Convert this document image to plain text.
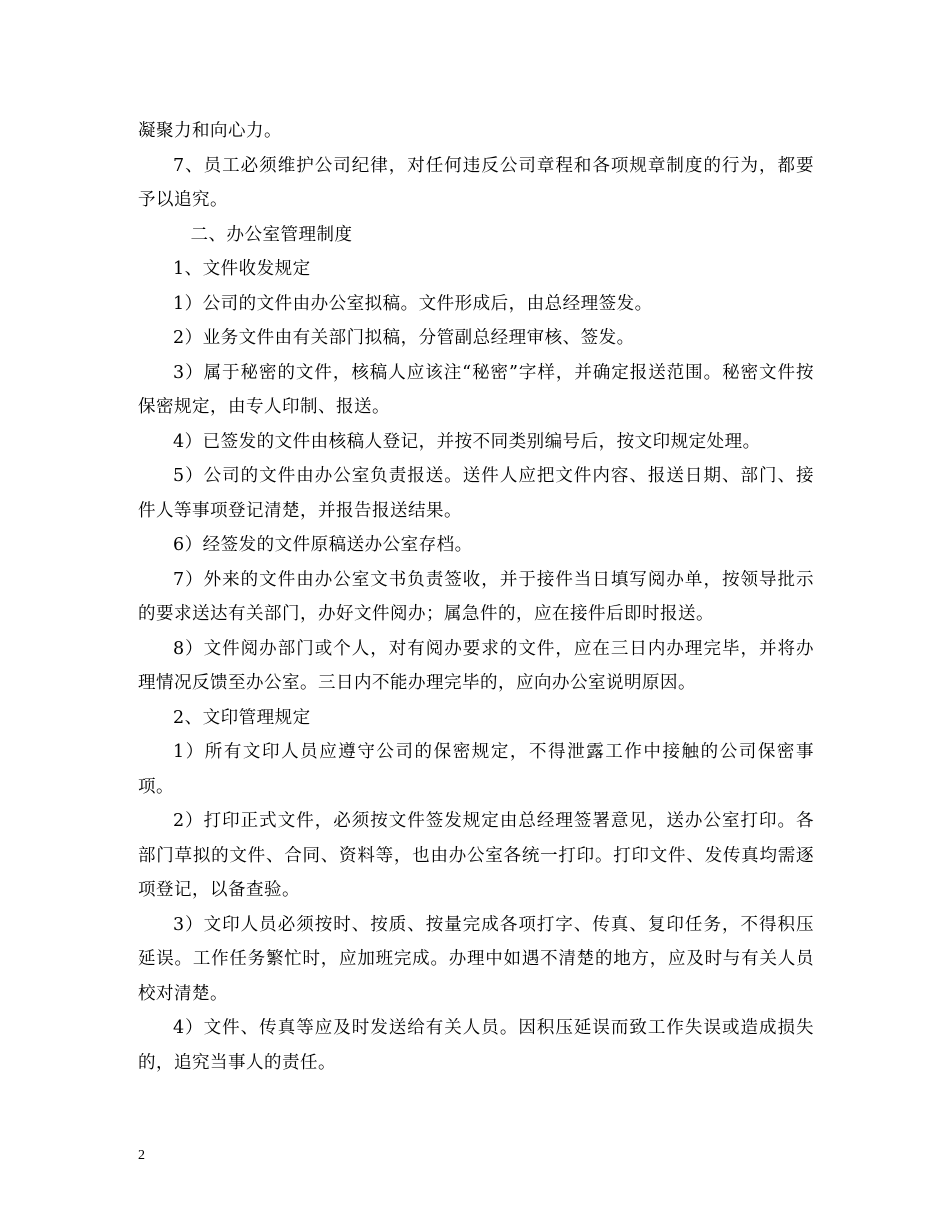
凝聚力和向心力。

7、员工必须维护公司纪律，对任何违反公司章程和各项规章制度的行为，都要予以追究。

二、办公室管理制度

1、文件收发规定

1）公司的文件由办公室拟稿。文件形成后，由总经理签发。

2）业务文件由有关部门拟稿，分管副总经理审核、签发。

3）属于秘密的文件，核稿人应该注“秘密”字样，并确定报送范围。秘密文件按保密规定，由专人印制、报送。

4）已签发的文件由核稿人登记，并按不同类别编号后，按文印规定处理。

5）公司的文件由办公室负责报送。送件人应把文件内容、报送日期、部门、接件人等事项登记清楚，并报告报送结果。

6）经签发的文件原稿送办公室存档。

7）外来的文件由办公室文书负责签收，并于接件当日填写阅办单，按领导批示的要求送达有关部门，办好文件阅办；属急件的，应在接件后即时报送。

8）文件阅办部门或个人，对有阅办要求的文件，应在三日内办理完毕，并将办理情况反馈至办公室。三日内不能办理完毕的，应向办公室说明原因。

2、文印管理规定

1）所有文印人员应遵守公司的保密规定，不得泄露工作中接触的公司保密事项。

2）打印正式文件，必须按文件签发规定由总经理签署意见，送办公室打印。各部门草拟的文件、合同、资料等，也由办公室各统一打印。打印文件、发传真均需逐项登记，以备查验。

3）文印人员必须按时、按质、按量完成各项打字、传真、复印任务，不得积压延误。工作任务繁忙时，应加班完成。办理中如遇不清楚的地方，应及时与有关人员校对清楚。

4）文件、传真等应及时发送给有关人员。因积压延误而致工作失误或造成损失的，追究当事人的责任。

2
